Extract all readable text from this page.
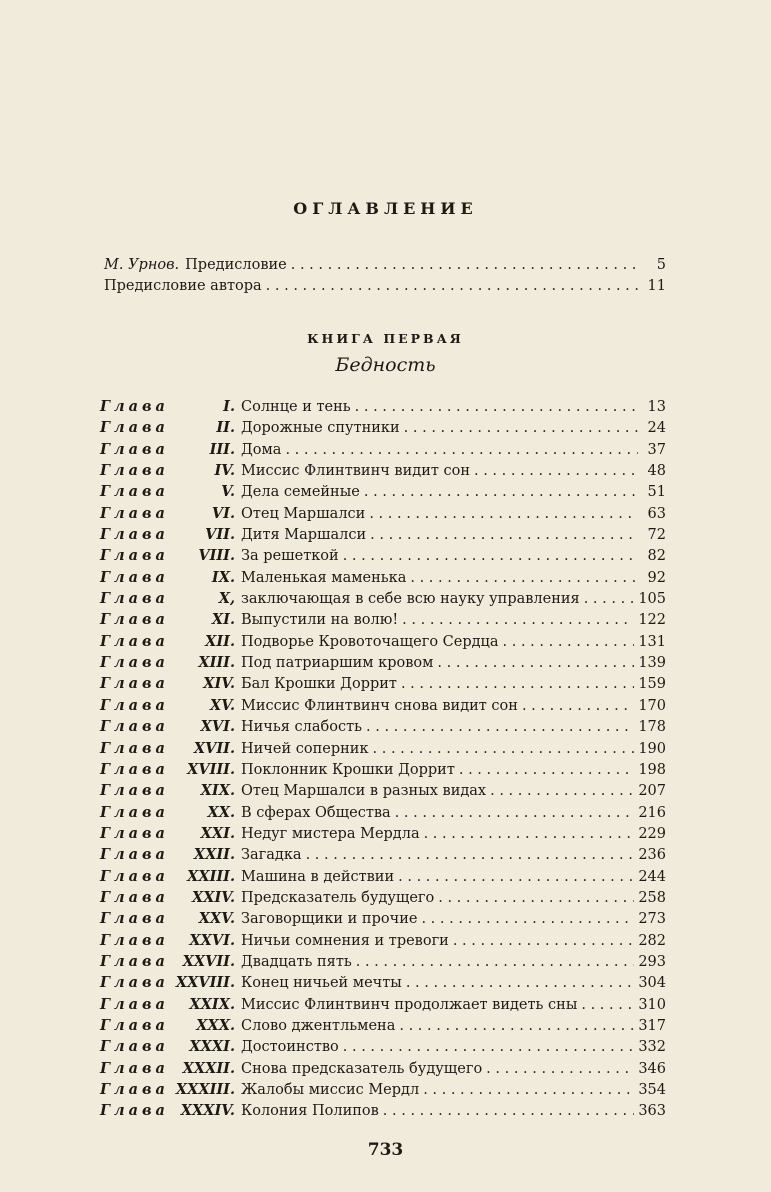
ОГЛАВЛЕНИЕ
М. Урнов. Предисловие . . .	5
Предисловие автора . . .	11
КНИГА ПЕРВАЯ
Бедность
Глава	I. Солнце и тень . . .	13
Глава	II. Дорожные спутники . . .	24
Глава	III. Дома . . .	37
Глава	IV. Миссис Флинтвинч видит сон . . .	48
Глава	V. Дела семейные . . .	51
Глава	VI. Отец Маршалси . . .	63
Глава	VII. Дитя Маршалси . . .	72
Глава	VIII. За решеткой . . .	82
Глава	IX. Маленькая маменька . . .	92
Глава	X, заключающая в себе всю науку управления . . .	105
Глава	XI. Выпустили на волю! . . .	122
Глава	XII. Подворье Кровоточащего Сердца . . .	131
Глава	XIII. Под патриаршим кровом . . .	139
Глава	XIV. Бал Крошки Доррит . . .	159
Глава	XV. Миссис Флинтвинч снова видит сон . . .	170
Глава	XVI. Ничья слабость . . .	178
Глава	XVII. Ничей соперник . . .	190
Глава	XVIII. Поклонник Крошки Доррит . . .	198
Глава	XIX. Отец Маршалси в разных видах . . .	207
Глава	XX. В сферах Общества . . .	216
Глава	XXI. Недуг мистера Мердла . . .	229
Глава	XXII. Загадка . . .	236
Глава	XXIII. Машина в действии . . .	244
Глава	XXIV. Предсказатель будущего . . .	258
Глава	XXV. Заговорщики и прочие . . .	273
Глава	XXVI. Ничьи сомнения и тревоги . . .	282
Глава XXVII. Двадцать пять . . .	293
Глава XXVIII. Конец ничьей мечты . . .	304
Глава	XXIX. Миссис Флинтвинч продолжает видеть сны . . .	310
Глава	XXX. Слово джентльмена . . .	317
Глава	XXXI. Достоинство . . .	332
Глава XXXII. Снова предсказатель будущего . . .	346
Глава XXXIII. Жалобы миссис Мердл . . .	354
Глава XXXIV. Колония Полипов . . .	363
733
